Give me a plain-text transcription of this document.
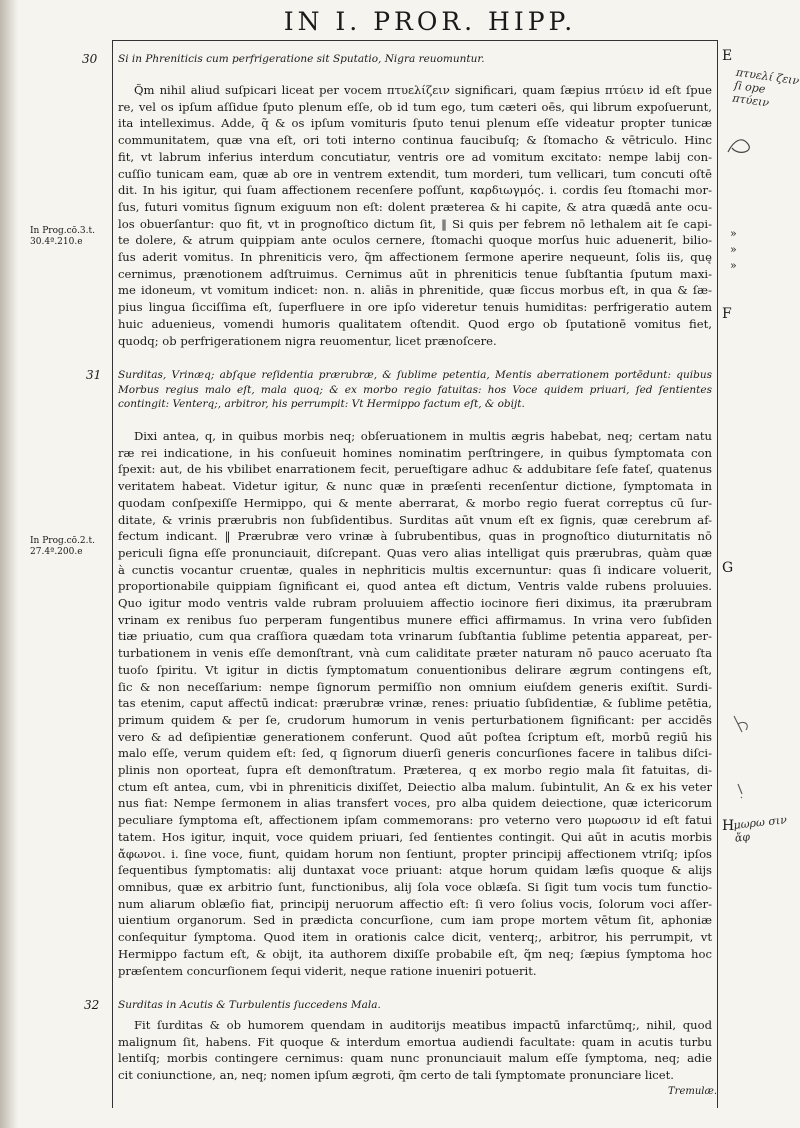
IN I. PROR. HIPP.
30 Si in Phreniticis cum perfrigeratione sit Sputatio, Nigra reuomuntur.

Q̃m nihil aliud suſpicari liceat per vocem πτυελίζειν significari, quam ſæpius πτύειν id eſt ſpue
re, vel os ipſum aſſidue ſputo plenum eſſe, ob id tum ego, tum cæteri oēs, qui librum expoſuerunt,
ita intelleximus. Adde, q̃ & os ipſum vomituris ſputo tenui plenum eſſe videatur propter tunicæ
communitatem, quæ vna eſt, ori toti interno continua faucibuſq; & ſtomacho & vētriculo. Hinc
fit, vt labrum inferius interdum concutiatur, ventris ore ad vomitum excitato: nempe labij con-
cuſſio tunicam eam, quæ ab ore in ventrem extendit, tum morderi, tum vellicari, tum concuti oſtē
dit. In his igitur, qui ſuam affectionem recenſere poſſunt, καρδιωγμός. i. cordis ſeu ſtomachi mor-
ſus, futuri vomitus ſignum exiguum non eſt: dolent præterea & hi capite, & atra quædā ante ocu-
los obuerſantur: quo fit, vt in prognoſtico dictum ſit, ‖ Si quis per febrem nō lethalem ait ſe capi-
te dolere, & atrum quippiam ante oculos cernere, ſtomachi quoque morſus huic aduenerit, bilio-
ſus aderit vomitus. In phreniticis vero, q̃m affectionem ſermone aperire nequeunt, ſolis iis, quę
cernimus, prænotionem adſtruimus. Cernimus aūt in phreniticis tenue ſubſtantia ſputum maxi-
me idoneum, vt vomitum indicet: non. n. aliās in phrenitide, quæ ſiccus morbus eſt, in qua & ſæ-
pius lingua ſicciſſima eſt, ſuperfluere in ore ipſo videretur tenuis humiditas: perfrigeratio autem
huic aduenieus, vomendi humoris qualitatem oſtendit. Quod ergo ob ſputationē vomitus fiet,
quodq; ob perfrigerationem nigra reuomentur, licet prænoſcere.
31 Surditas, Vrinæq; abſque reſidentia prærubræ, & ſublime petentia, Mentis aberrationem portēdunt: quibus Morbus regius malo eſt, mala quoq; & ex morbo regio fatuitas: hos Voce quidem priuari, ſed ſentientes contingit: Venterq;, arbitror, his perrumpit: Vt Hermippo factum eſt, & obijt.

Dixi antea, q, in quibus morbis neq; obſeruationem in multis ægris habebat, neq; certam natu
ræ rei indicatione, in his conſueuit homines nominatim perſtringere, in quibus ſymptomata con
ſpexit: aut, de his vbilibet enarrationem fecit, perueſtigare adhuc & addubitare ſeſe fateſ, quatenus
veritatem habeat. Videtur igitur, & nunc quæ in præſenti recenſentur dictione, ſymptomata in
quodam conſpexiſſe Hermippo, qui & mente aberrarat, & morbo regio fuerat correptus cū ſur-
ditate, & vrinis prærubris non ſubſidentibus. Surditas aūt vnum eſt ex ſignis, quæ cerebrum af-
fectum indicant. ‖ Prærubræ vero vrinæ à ſubrubentibus, quas in prognoſtico diuturnitatis nō
periculi ſigna eſſe pronunciauit, diſcrepant. Quas vero alias intelligat quis prærubras, quàm quæ
à cunctis vocantur cruentæ, quales in nephriticis multis excernuntur: quas ſi indicare voluerit,
proportionabile quippiam ſignificant ei, quod antea eſt dictum, Ventris valde rubens proluuies.
Quo igitur modo ventris valde rubram proluuiem affectio iocinore fieri diximus, ita prærubram
vrinam ex renibus ſuo perperam fungentibus munere effici affirmamus. In vrina vero ſubſiden
tiæ priuatio, cum qua craſſiora quædam tota vrinarum ſubſtantia ſublime petentia appareat, per-
turbationem in venis eſſe demonſtrant, vnà cum caliditate præter naturam nō pauco aceruato ſta
tuoſo ſpiritu. Vt igitur in dictis ſymptomatum conuentionibus delirare ægrum contingens eſt,
ſic & non neceſſarium: nempe ſignorum permiſſio non omnium eiuſdem generis exiſtit. Surdi-
tas etenim, caput affectū indicat: prærubræ vrinæ, renes: priuatio ſubſidentiæ, & ſublime petētia,
primum quidem & per ſe, crudorum humorum in venis perturbationem ſignificant: per accidēs
vero & ad deſipientiæ generationem conferunt. Quod aūt poſtea ſcriptum eſt, morbū regiū his
malo eſſe, verum quidem eſt: ſed, q ſignorum diuerſi generis concurſiones facere in talibus diſci-
plinis non oporteat, ſupra eſt demonſtratum. Præterea, q ex morbo regio mala ſit fatuitas, di-
ctum eſt antea, cum, vbi in phreniticis dixiſſet, Deiectio alba malum. ſubintulit, An & ex his veter
nus fiat: Nempe ſermonem in alias transfert voces, pro alba quidem deiectione, quæ ictericorum
peculiare ſymptoma eſt, affectionem ipſam commemorans: pro veterno vero μωρωσιν id eſt fatui
tatem. Hos igitur, inquit, voce quidem priuari, ſed ſentientes contingit. Qui aūt in acutis morbis
ἄφωνοι. i. ſine voce, fiunt, quidam horum non ſentiunt, propter principij affectionem vtriſq; ipſos
ſequentibus ſymptomatis: alij duntaxat voce priuant: atque horum quidam læſis quoque & alijs
omnibus, quæ ex arbitrio ſunt, functionibus, alij ſola voce oblæſa. Si ſigit tum vocis tum functio-
num aliarum oblæſio fiat, principij neruorum affectio eſt: ſi vero ſolius vocis, ſolorum voci aſſer-
uientium organorum. Sed in prædicta concurſione, cum iam prope mortem vētum ſit, aphoniæ
conſequitur ſymptoma. Quod item in orationis calce dicit, venterq;, arbitror, his perrumpit, vt
Hermippo factum eſt, & obijt, ita authorem dixiſſe probabile eſt, q̃m neq; ſæpius ſymptoma hoc
præſentem concurſionem ſequi viderit, neque ratione inueniri potuerit.
32 Surditas in Acutis & Turbulentis ſuccedens Mala.

Fit ſurditas & ob humorem quendam in auditorijs meatibus impactū infarctūmq;, nihil, quod
malignum ſit, habens. Fit quoque & interdum emortua audiendi facultate: quam in acutis turbu
lentiſq; morbis contingere cernimus: quam nunc pronunciauit malum eſſe ſymptoma, neq; adie
cit coniunctione, an, neq; nomen ipſum ægroti, q̃m certo de tali ſymptomate pronunciare licet.
In Prog.cō.3.t.
30.4ª.210.e
In Prog.cō.2.t.
27.4ª.200.e
E
F
G
H
»
»
»
πτυελί ζειν
ſi ope
πτύειν
μωρω σιν
ἄφ
Tremulæ.
